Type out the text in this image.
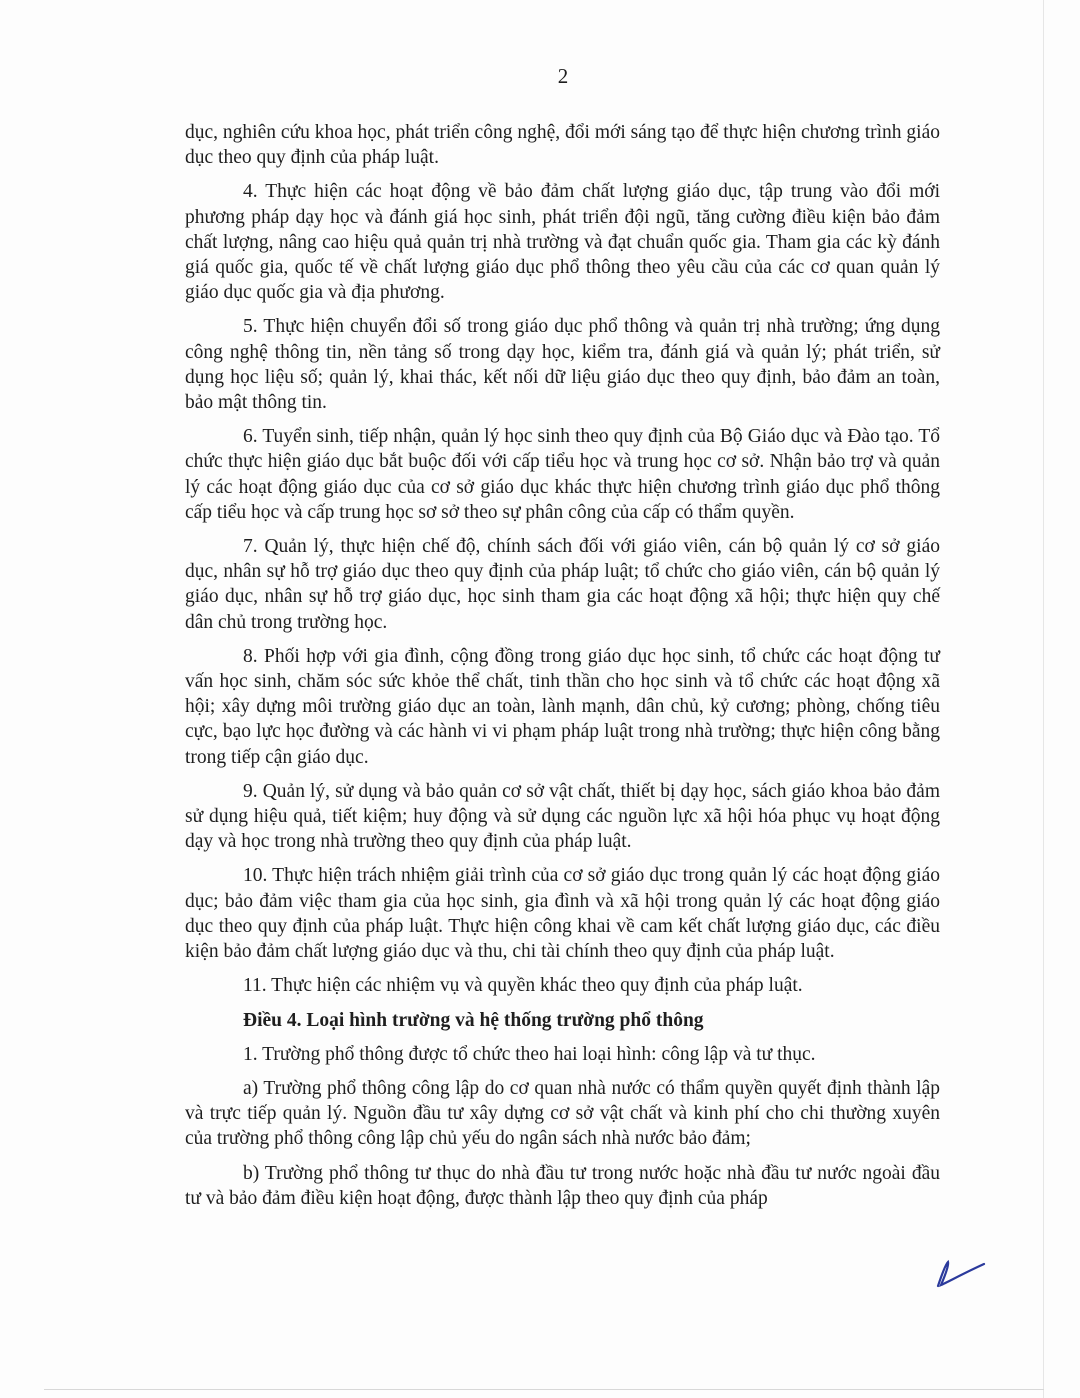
2

dục, nghiên cứu khoa học, phát triển công nghệ, đổi mới sáng tạo để thực hiện chương trình giáo dục theo quy định của pháp luật.

4. Thực hiện các hoạt động về bảo đảm chất lượng giáo dục, tập trung vào đổi mới phương pháp dạy học và đánh giá học sinh, phát triển đội ngũ, tăng cường điều kiện bảo đảm chất lượng, nâng cao hiệu quả quản trị nhà trường và đạt chuẩn quốc gia. Tham gia các kỳ đánh giá quốc gia, quốc tế về chất lượng giáo dục phổ thông theo yêu cầu của các cơ quan quản lý giáo dục quốc gia và địa phương.

5. Thực hiện chuyển đổi số trong giáo dục phổ thông và quản trị nhà trường; ứng dụng công nghệ thông tin, nền tảng số trong dạy học, kiểm tra, đánh giá và quản lý; phát triển, sử dụng học liệu số; quản lý, khai thác, kết nối dữ liệu giáo dục theo quy định, bảo đảm an toàn, bảo mật thông tin.

6. Tuyển sinh, tiếp nhận, quản lý học sinh theo quy định của Bộ Giáo dục và Đào tạo. Tổ chức thực hiện giáo dục bắt buộc đối với cấp tiểu học và trung học cơ sở. Nhận bảo trợ và quản lý các hoạt động giáo dục của cơ sở giáo dục khác thực hiện chương trình giáo dục phổ thông cấp tiểu học và cấp trung học sơ sở theo sự phân công của cấp có thẩm quyền.

7. Quản lý, thực hiện chế độ, chính sách đối với giáo viên, cán bộ quản lý cơ sở giáo dục, nhân sự hỗ trợ giáo dục theo quy định của pháp luật; tổ chức cho giáo viên, cán bộ quản lý giáo dục, nhân sự hỗ trợ giáo dục, học sinh tham gia các hoạt động xã hội; thực hiện quy chế dân chủ trong trường học.

8. Phối hợp với gia đình, cộng đồng trong giáo dục học sinh, tổ chức các hoạt động tư vấn học sinh, chăm sóc sức khỏe thể chất, tinh thần cho học sinh và tổ chức các hoạt động xã hội; xây dựng môi trường giáo dục an toàn, lành mạnh, dân chủ, kỷ cương; phòng, chống tiêu cực, bạo lực học đường và các hành vi vi phạm pháp luật trong nhà trường; thực hiện công bằng trong tiếp cận giáo dục.

9. Quản lý, sử dụng và bảo quản cơ sở vật chất, thiết bị dạy học, sách giáo khoa bảo đảm sử dụng hiệu quả, tiết kiệm; huy động và sử dụng các nguồn lực xã hội hóa phục vụ hoạt động dạy và học trong nhà trường theo quy định của pháp luật.

10. Thực hiện trách nhiệm giải trình của cơ sở giáo dục trong quản lý các hoạt động giáo dục; bảo đảm việc tham gia của học sinh, gia đình và xã hội trong quản lý các hoạt động giáo dục theo quy định của pháp luật. Thực hiện công khai về cam kết chất lượng giáo dục, các điều kiện bảo đảm chất lượng giáo dục và thu, chi tài chính theo quy định của pháp luật.

11. Thực hiện các nhiệm vụ và quyền khác theo quy định của pháp luật.

Điều 4. Loại hình trường và hệ thống trường phổ thông

1. Trường phổ thông được tổ chức theo hai loại hình: công lập và tư thục.

a) Trường phổ thông công lập do cơ quan nhà nước có thẩm quyền quyết định thành lập và trực tiếp quản lý. Nguồn đầu tư xây dựng cơ sở vật chất và kinh phí cho chi thường xuyên của trường phổ thông công lập chủ yếu do ngân sách nhà nước bảo đảm;

b) Trường phổ thông tư thục do nhà đầu tư trong nước hoặc nhà đầu tư nước ngoài đầu tư và bảo đảm điều kiện hoạt động, được thành lập theo quy định của pháp
